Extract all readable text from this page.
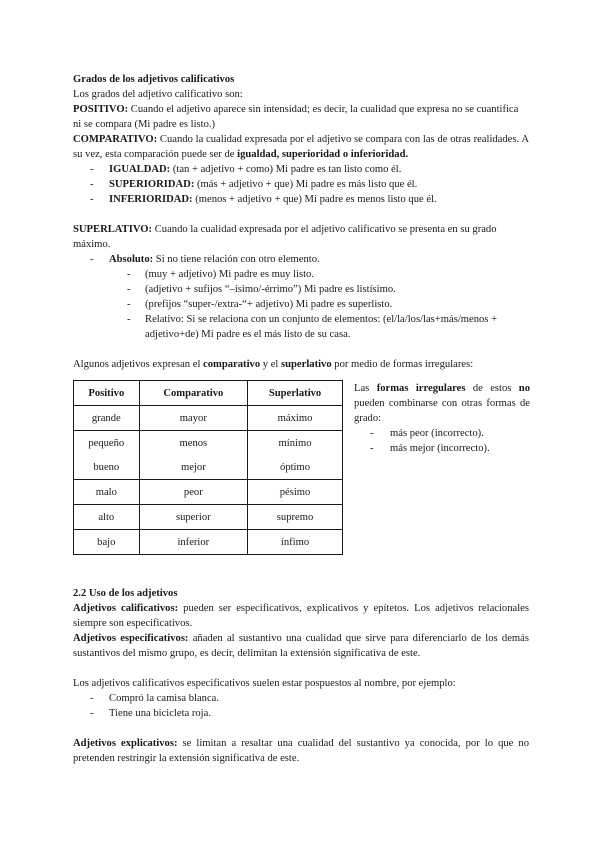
Grados de los adjetivos calificativos

Los grados del adjetivo calificativo son:

POSITIVO: Cuando el adjetivo aparece sin intensidad; es decir, la cualidad que expresa no se cuantifica ni se compara (Mi padre es listo.)

COMPARATIVO: Cuando la cualidad expresada por el adjetivo se compara con las de otras realidades. A su vez, esta comparación puede ser de igualdad, superioridad o inferioridad.

- IGUALDAD: (tan + adjetivo + como) Mi padre es tan listo como él.
- SUPERIORIDAD: (más + adjetivo + que) Mi padre es más listo que él.
- INFERIORIDAD: (menos + adjetivo + que) Mi padre es menos listo que él.

SUPERLATIVO: Cuando la cualidad expresada por el adjetivo calificativo se presenta en su grado máximo.

- Absoluto: Si no tiene relación con otro elemento.
- (muy + adjetivo) Mi padre es muy listo.
- (adjetivo + sufijos “–ísimo/-érrimo”) Mi padre es listísimo.
- (prefijos “super-/extra-“+ adjetivo) Mi padre es superlisto.
- Relativo: Si se relaciona con un conjunto de elementos: (el/la/los/las+más/menos + adjetivo+de) Mi padre es el más listo de su casa.

Algunos adjetivos expresan el comparativo y el superlativo por medio de formas irregulares:

Positivo	Comparativo	Superlativo
grande	mayor	máximo
pequeño	menos	mínimo
bueno	mejor	óptimo
malo	peor	pésimo
alto	superior	supremo
bajo	inferior	ínfimo

Las formas irregulares de estos no pueden combinarse con otras formas de grado:

- más peor (incorrecto).
- más mejor (incorrecto).

2.2 Uso de los adjetivos

Adjetivos calificativos: pueden ser especificativos, explicativos y epítetos. Los adjetivos relacionales siempre son especificativos.

Adjetivos especificativos: añaden al sustantivo una cualidad que sirve para diferenciarlo de los demás sustantivos del mismo grupo, es decir, delimitan la extensión significativa de este.

Los adjetivos calificativos especificativos suelen estar pospuestos al nombre, por ejemplo:

- Compró la camisa blanca.
- Tiene una bicicleta roja.

Adjetivos explicativos: se limitan a resaltar una cualidad del sustantivo ya conocida, por lo que no pretenden restringir la extensión significativa de este.
